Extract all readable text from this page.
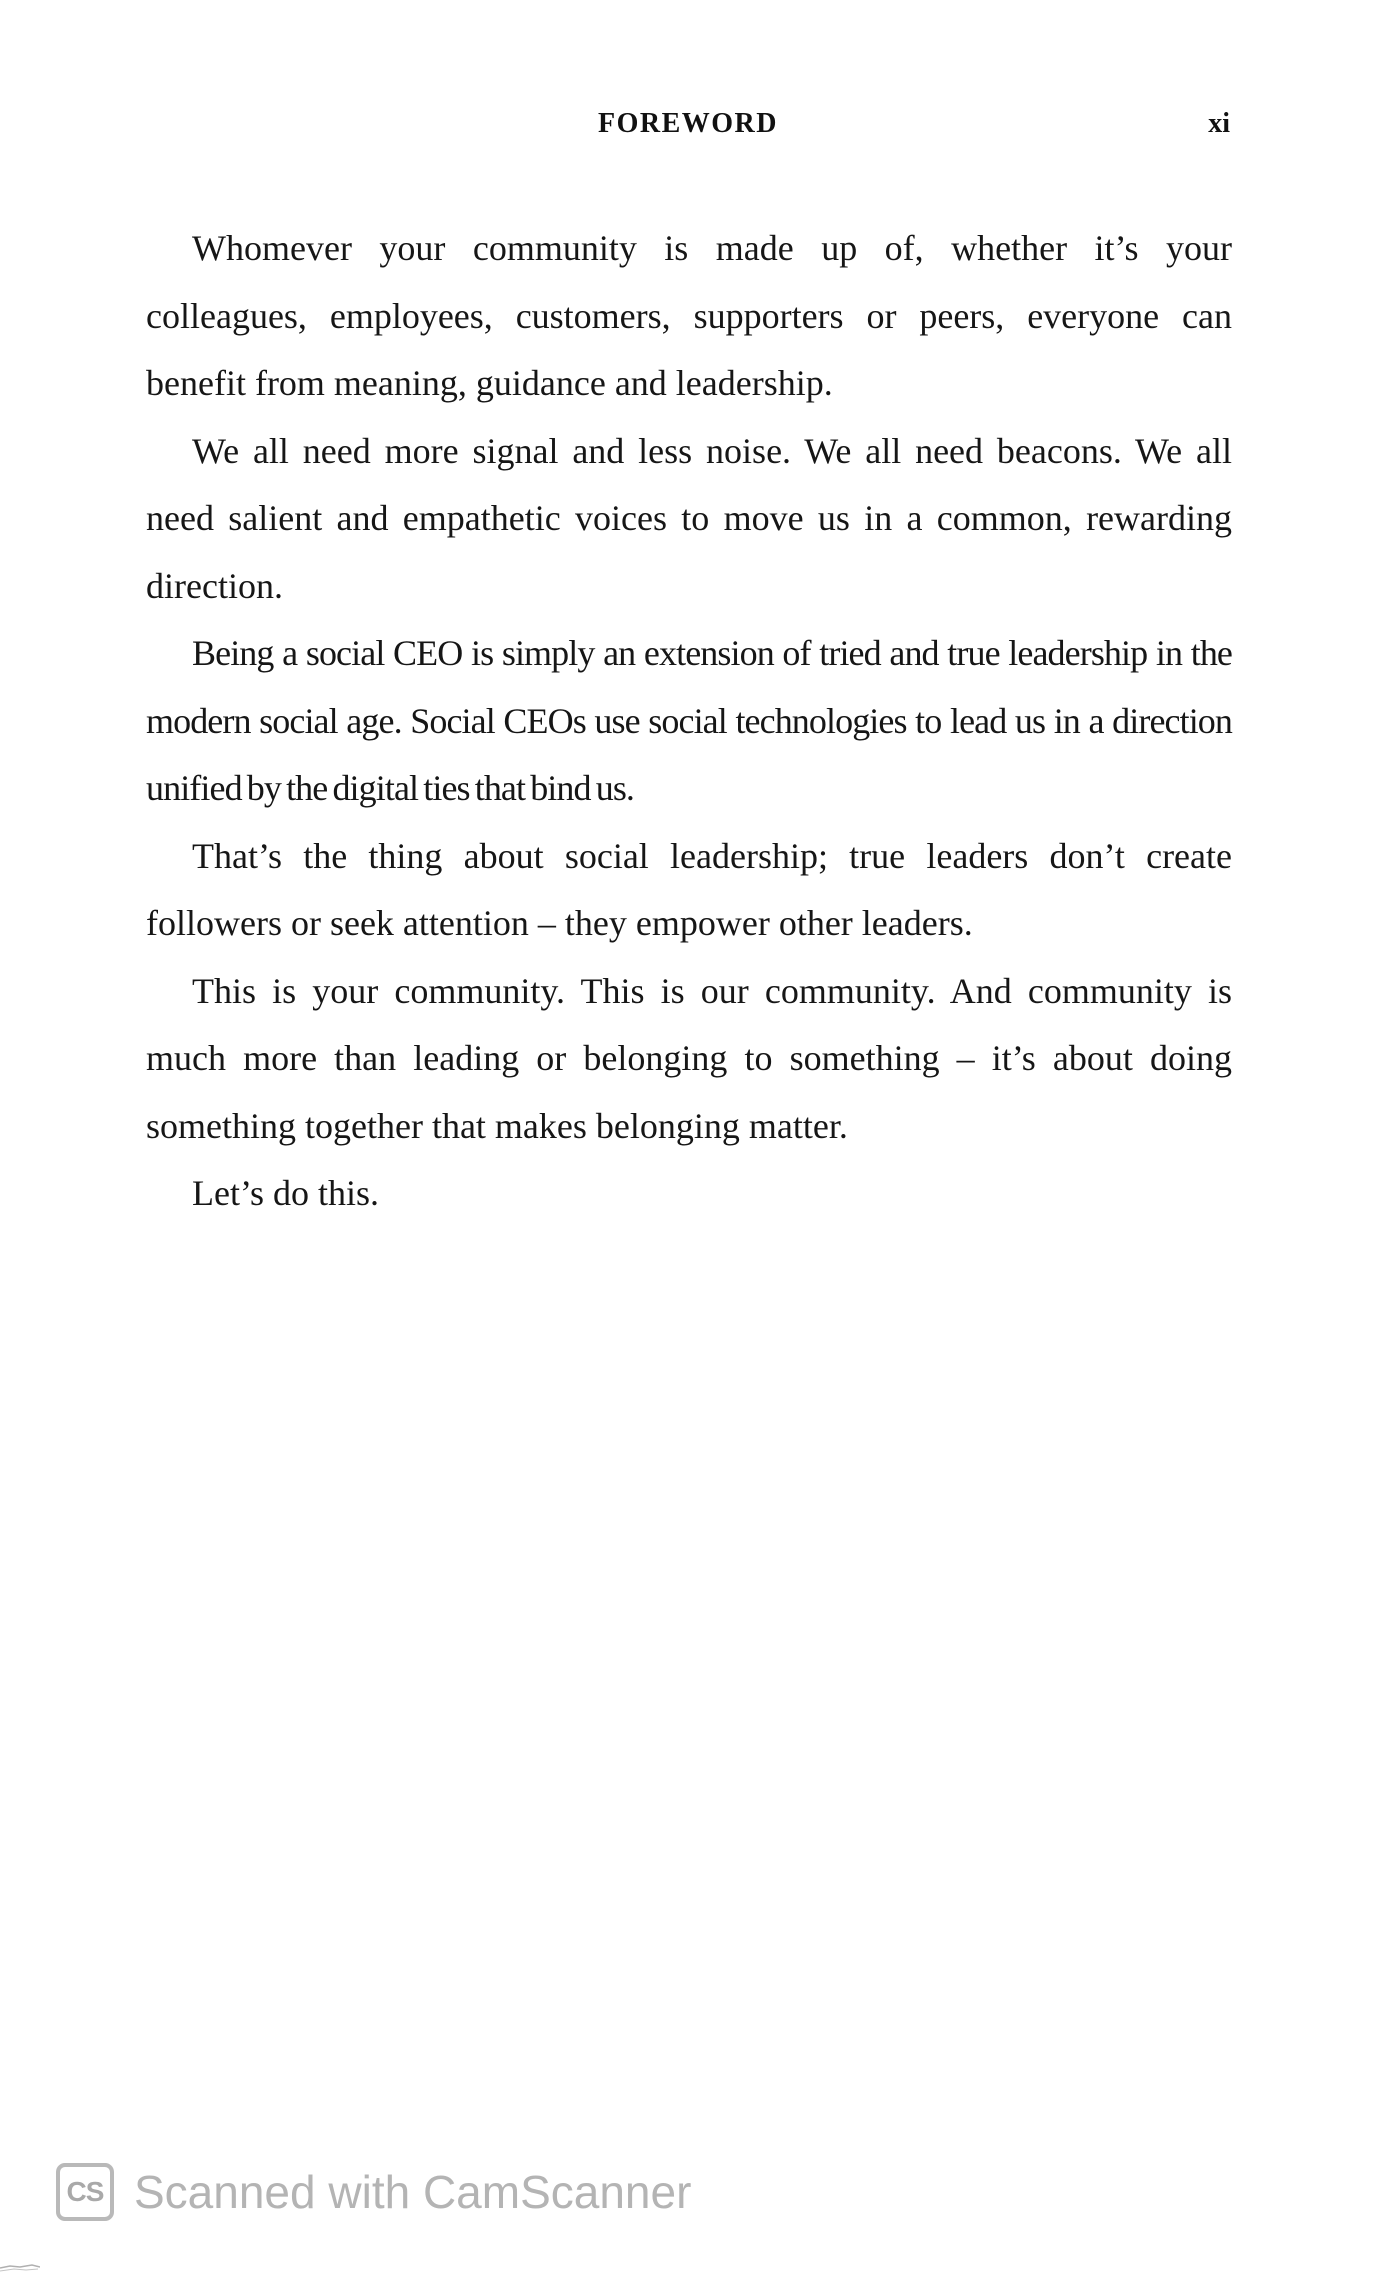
FOREWORD	xi

Whomever your community is made up of, whether it’s your colleagues, employees, customers, supporters or peers, everyone can benefit from meaning, guidance and leadership.

We all need more signal and less noise. We all need beacons. We all need salient and empathetic voices to move us in a common, rewarding direction.

Being a social CEO is simply an extension of tried and true leadership in the modern social age. Social CEOs use social technologies to lead us in a direction unified by the digital ties that bind us.

That’s the thing about social leadership; true leaders don’t create followers or seek attention – they empower other leaders.

This is your community. This is our community. And community is much more than leading or belonging to something – it’s about doing something together that makes belonging matter.

Let’s do this.

CS Scanned with CamScanner
